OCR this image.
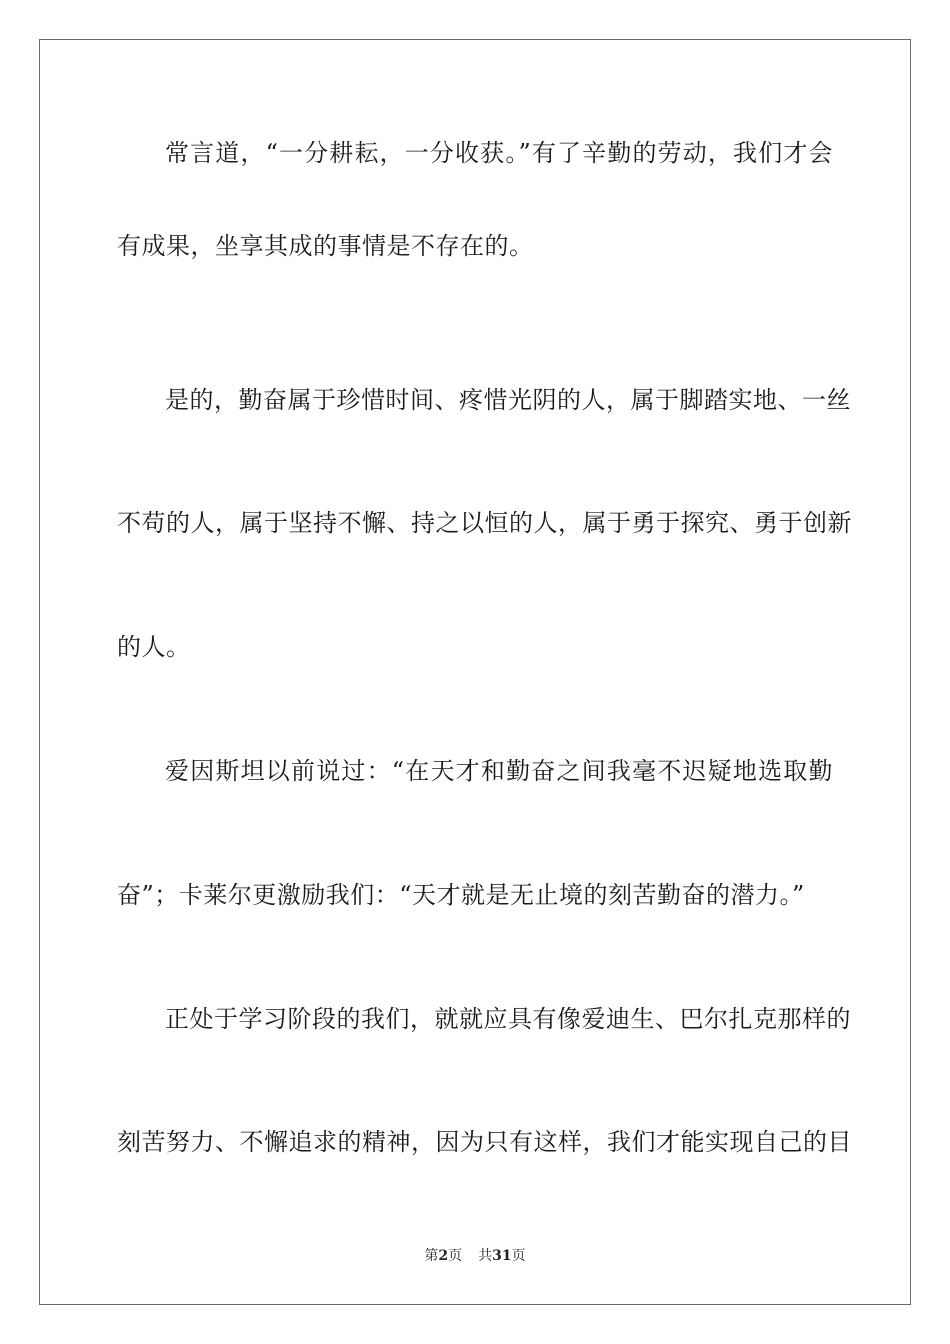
常言道，“一分耕耘，一分收获。”有了辛勤的劳动，我们才会
有成果，坐享其成的事情是不存在的。
是的，勤奋属于珍惜时间、疼惜光阴的人，属于脚踏实地、一丝
不苟的人，属于坚持不懈、持之以恒的人，属于勇于探究、勇于创新
的人。
爱因斯坦以前说过：“在天才和勤奋之间我毫不迟疑地选取勤
奋”；卡莱尔更激励我们：“天才就是无止境的刻苦勤奋的潜力。”
正处于学习阶段的我们，就就应具有像爱迪生、巴尔扎克那样的
刻苦努力、不懈追求的精神，因为只有这样，我们才能实现自己的目
第2页 共31页
